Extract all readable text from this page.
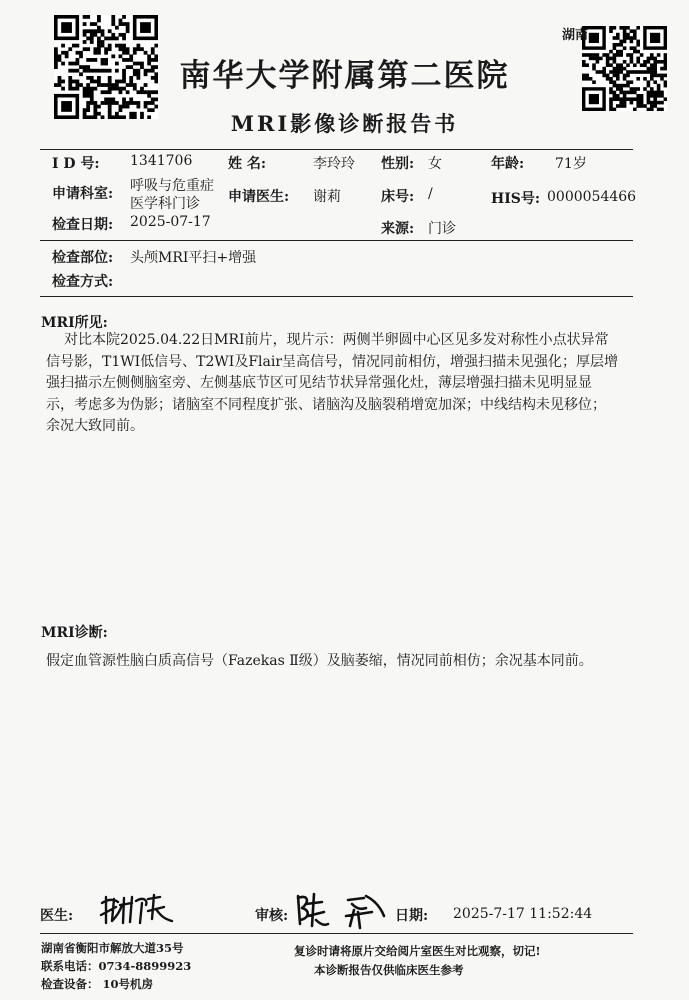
湖南
南华大学附属第二医院
MRI影像诊断报告书
I D 号: 1341706	姓 名:	李玲玲 性别: 女	年龄: 71岁
申请科室: 呼吸与危重症
医学科门诊 申请医生: 谢莉	床号: /	HIS号: 0000054466
检查日期: 2025-07-17	来源: 门诊
检查部位: 头颅MRI平扫+增强
检查方式:
MRI所见:
对比本院2025.04.22日MRI前片，现片示：两侧半卵圆中心区见多发对称性小点状异常
信号影，T1WI低信号、T2WI及Flair呈高信号，情况同前相仿，增强扫描未见强化；厚层增
强扫描示左侧侧脑室旁、左侧基底节区可见结节状异常强化灶，薄层增强扫描未见明显显
示，考虑多为伪影；诸脑室不同程度扩张、诸脑沟及脑裂稍增宽加深；中线结构未见移位；
余况大致同前。
MRI诊断:
假定血管源性脑白质高信号（Fazekas Ⅱ级）及脑萎缩，情况同前相仿；余况基本同前。
医生:	审核:	日期: 2025-7-17 11:52:44
湖南省衡阳市解放大道35号
联系电话：0734-8899923
检查设备： 10号机房
复诊时请将原片交给阅片室医生对比观察，切记!
本诊断报告仅供临床医生参考
